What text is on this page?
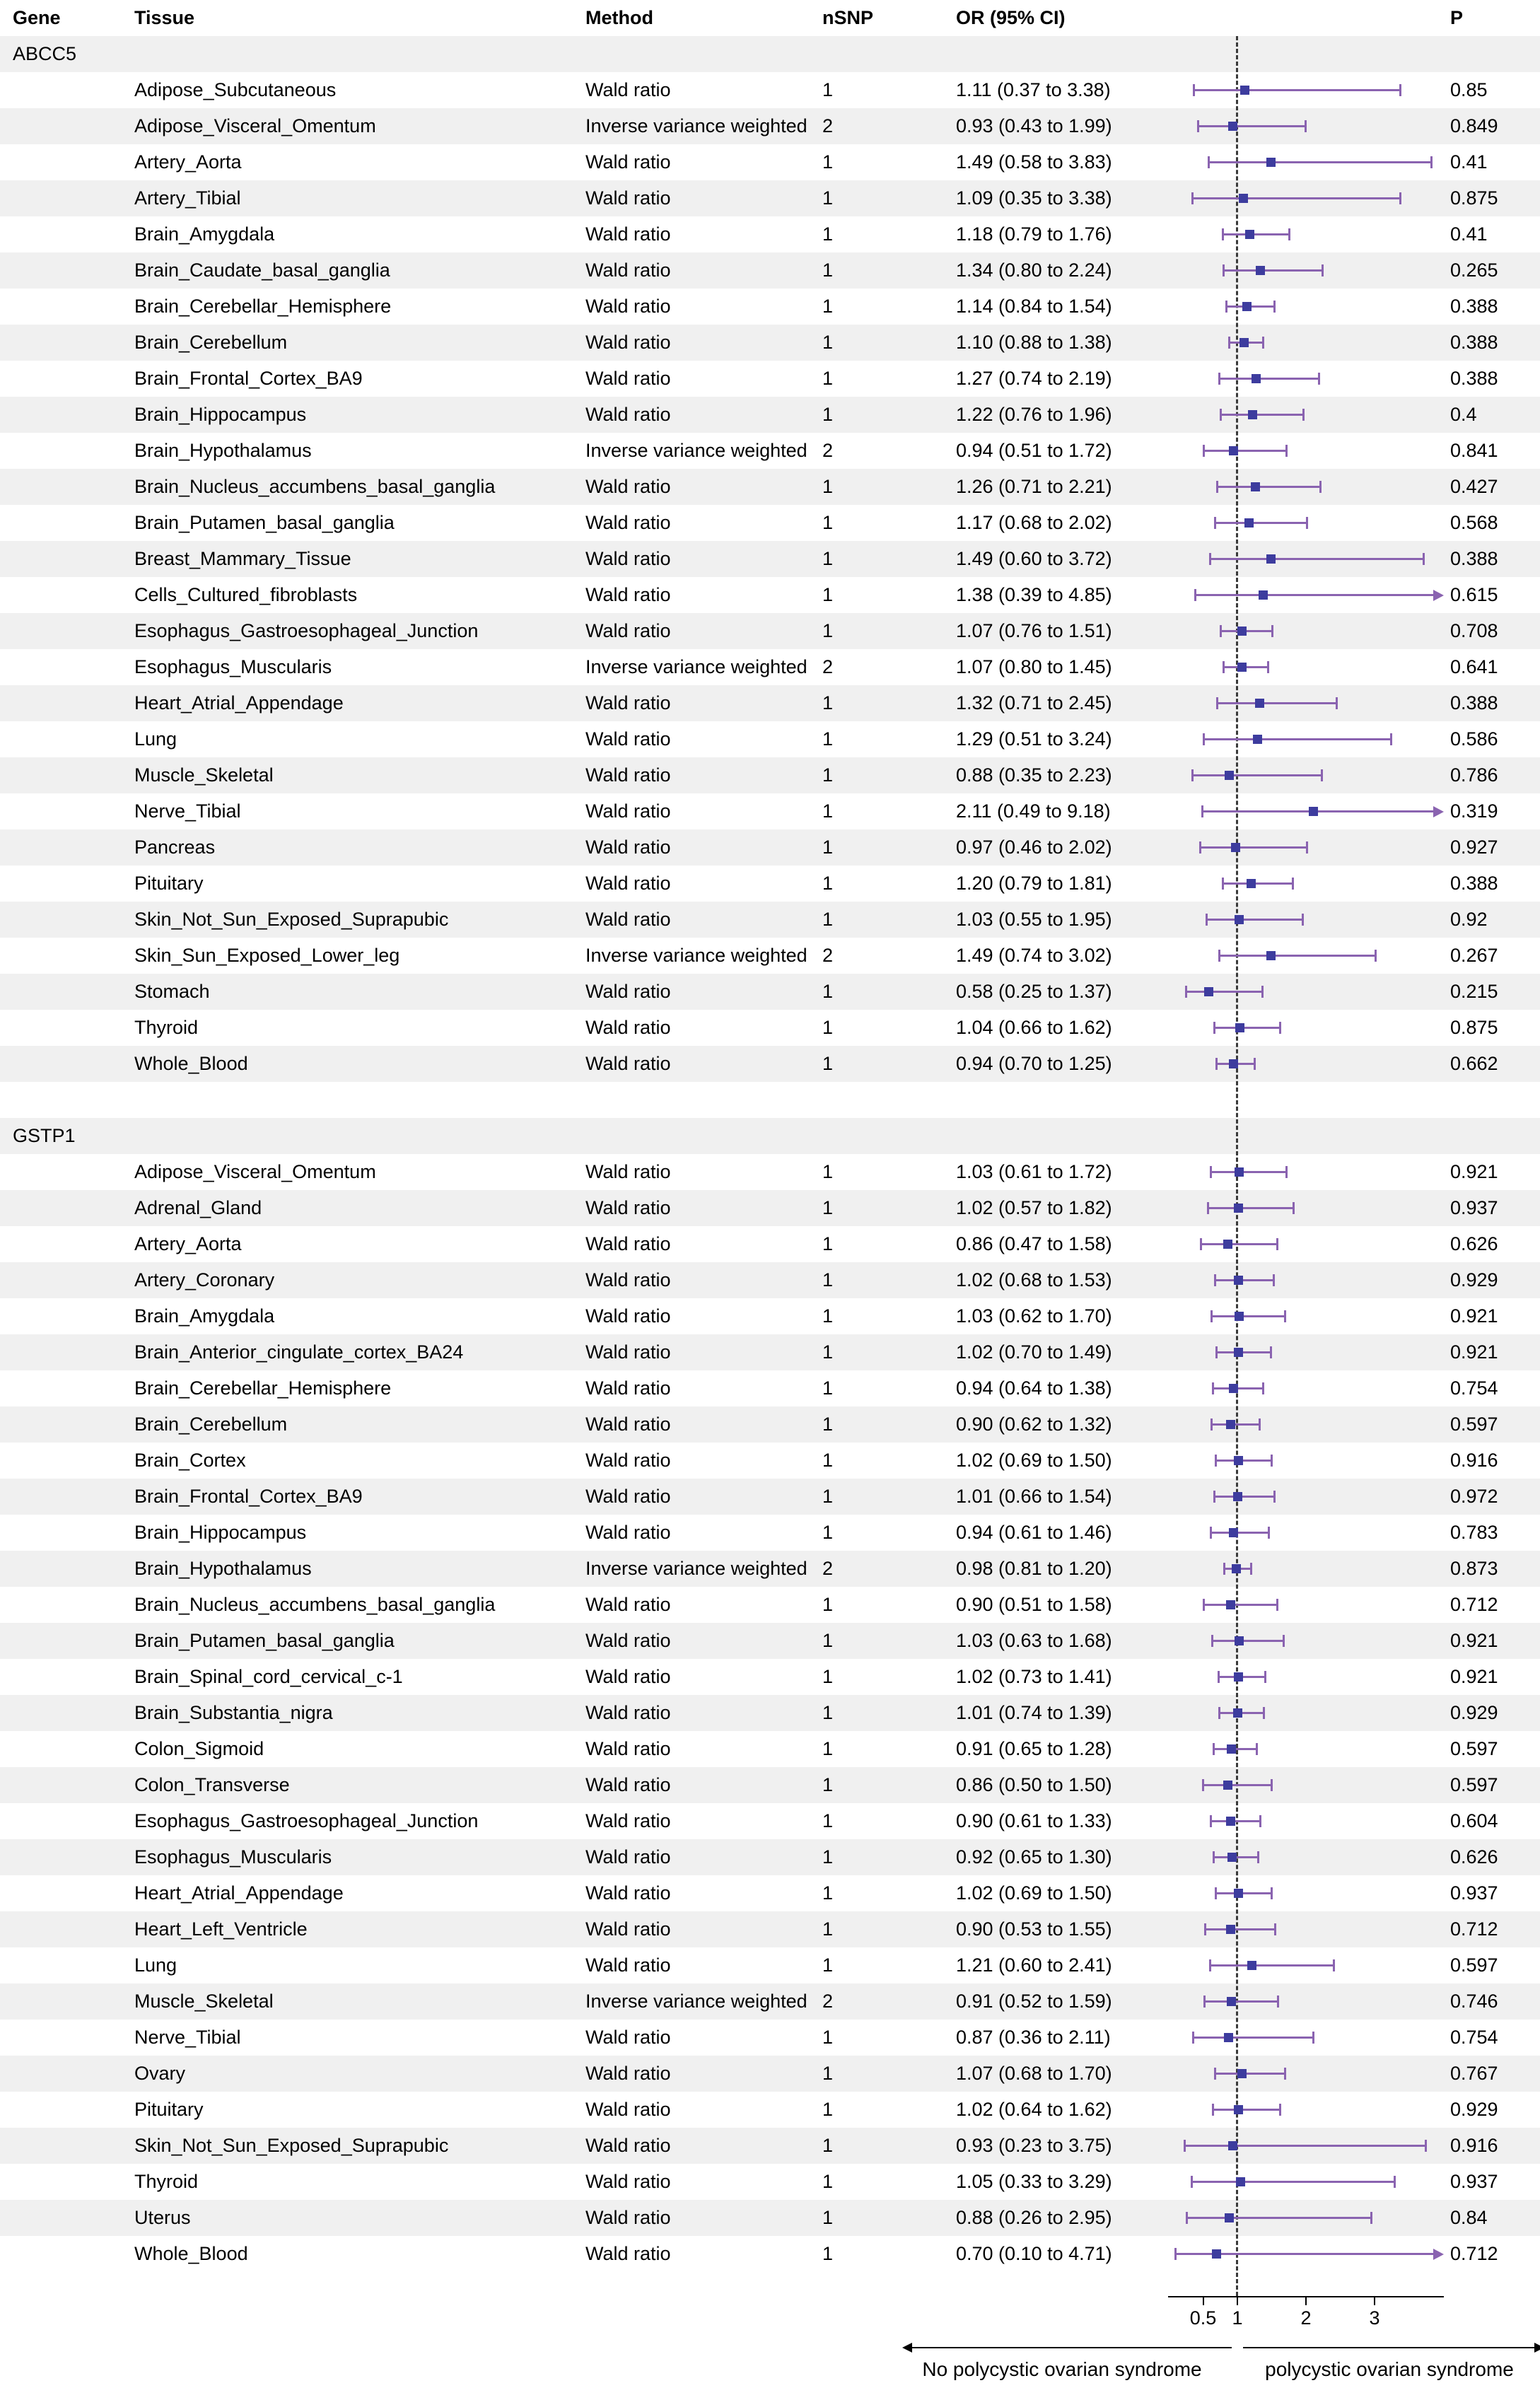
Gene	Tissue	Method	nSNP	OR (95% CI)	P
ABCC5
Adipose_Subcutaneous	Wald ratio	1	1.11 (0.37 to 3.38)	0.85
Adipose_Visceral_Omentum	Inverse variance weighted 2	0.93 (0.43 to 1.99)	0.849
Artery_Aorta	Wald ratio	1	1.49 (0.58 to 3.83)	0.41
Artery_Tibial	Wald ratio	1	1.09 (0.35 to 3.38)	0.875
Brain_Amygdala	Wald ratio	1	1.18 (0.79 to 1.76)	0.41
Brain_Caudate_basal_ganglia	Wald ratio	1	1.34 (0.80 to 2.24)	0.265
Brain_Cerebellar_Hemisphere	Wald ratio	1	1.14 (0.84 to 1.54)	0.388
Brain_Cerebellum	Wald ratio	1	1.10 (0.88 to 1.38)	0.388
Brain_Frontal_Cortex_BA9	Wald ratio	1	1.27 (0.74 to 2.19)	0.388
Brain_Hippocampus	Wald ratio	1	1.22 (0.76 to 1.96)	0.4
Brain_Hypothalamus	Inverse variance weighted 2	0.94 (0.51 to 1.72)	0.841
Brain_Nucleus_accumbens_basal_ganglia	Wald ratio	1	1.26 (0.71 to 2.21)	0.427
Brain_Putamen_basal_ganglia	Wald ratio	1	1.17 (0.68 to 2.02)	0.568
Breast_Mammary_Tissue	Wald ratio	1	1.49 (0.60 to 3.72)	0.388
Cells_Cultured_fibroblasts	Wald ratio	1	1.38 (0.39 to 4.85)	0.615
Esophagus_Gastroesophageal_Junction	Wald ratio	1	1.07 (0.76 to 1.51)	0.708
Esophagus_Muscularis	Inverse variance weighted 2	1.07 (0.80 to 1.45)	0.641
Heart_Atrial_Appendage	Wald ratio	1	1.32 (0.71 to 2.45)	0.388
Lung	Wald ratio	1	1.29 (0.51 to 3.24)	0.586
Muscle_Skeletal	Wald ratio	1	0.88 (0.35 to 2.23)	0.786
Nerve_Tibial	Wald ratio	1	2.11 (0.49 to 9.18)	0.319
Pancreas	Wald ratio	1	0.97 (0.46 to 2.02)	0.927
Pituitary	Wald ratio	1	1.20 (0.79 to 1.81)	0.388
Skin_Not_Sun_Exposed_Suprapubic	Wald ratio	1	1.03 (0.55 to 1.95)	0.92
Skin_Sun_Exposed_Lower_leg	Inverse variance weighted 2	1.49 (0.74 to 3.02)	0.267
Stomach	Wald ratio	1	0.58 (0.25 to 1.37)	0.215
Thyroid	Wald ratio	1	1.04 (0.66 to 1.62)	0.875
Whole_Blood	Wald ratio	1	0.94 (0.70 to 1.25)	0.662
GSTP1
Adipose_Visceral_Omentum	Wald ratio	1	1.03 (0.61 to 1.72)	0.921
Adrenal_Gland	Wald ratio	1	1.02 (0.57 to 1.82)	0.937
Artery_Aorta	Wald ratio	1	0.86 (0.47 to 1.58)	0.626
Artery_Coronary	Wald ratio	1	1.02 (0.68 to 1.53)	0.929
Brain_Amygdala	Wald ratio	1	1.03 (0.62 to 1.70)	0.921
Brain_Anterior_cingulate_cortex_BA24	Wald ratio	1	1.02 (0.70 to 1.49)	0.921
Brain_Cerebellar_Hemisphere	Wald ratio	1	0.94 (0.64 to 1.38)	0.754
Brain_Cerebellum	Wald ratio	1	0.90 (0.62 to 1.32)	0.597
Brain_Cortex	Wald ratio	1	1.02 (0.69 to 1.50)	0.916
Brain_Frontal_Cortex_BA9	Wald ratio	1	1.01 (0.66 to 1.54)	0.972
Brain_Hippocampus	Wald ratio	1	0.94 (0.61 to 1.46)	0.783
Brain_Hypothalamus	Inverse variance weighted 2	0.98 (0.81 to 1.20)	0.873
Brain_Nucleus_accumbens_basal_ganglia	Wald ratio	1	0.90 (0.51 to 1.58)	0.712
Brain_Putamen_basal_ganglia	Wald ratio	1	1.03 (0.63 to 1.68)	0.921
Brain_Spinal_cord_cervical_c-1	Wald ratio	1	1.02 (0.73 to 1.41)	0.921
Brain_Substantia_nigra	Wald ratio	1	1.01 (0.74 to 1.39)	0.929
Colon_Sigmoid	Wald ratio	1	0.91 (0.65 to 1.28)	0.597
Colon_Transverse	Wald ratio	1	0.86 (0.50 to 1.50)	0.597
Esophagus_Gastroesophageal_Junction	Wald ratio	1	0.90 (0.61 to 1.33)	0.604
Esophagus_Muscularis	Wald ratio	1	0.92 (0.65 to 1.30)	0.626
Heart_Atrial_Appendage	Wald ratio	1	1.02 (0.69 to 1.50)	0.937
Heart_Left_Ventricle	Wald ratio	1	0.90 (0.53 to 1.55)	0.712
Lung	Wald ratio	1	1.21 (0.60 to 2.41)	0.597
Muscle_Skeletal	Inverse variance weighted 2	0.91 (0.52 to 1.59)	0.746
Nerve_Tibial	Wald ratio	1	0.87 (0.36 to 2.11)	0.754
Ovary	Wald ratio	1	1.07 (0.68 to 1.70)	0.767
Pituitary	Wald ratio	1	1.02 (0.64 to 1.62)	0.929
Skin_Not_Sun_Exposed_Suprapubic	Wald ratio	1	0.93 (0.23 to 3.75)	0.916
Thyroid	Wald ratio	1	1.05 (0.33 to 3.29)	0.937
Uterus	Wald ratio	1	0.88 (0.26 to 2.95)	0.84
Whole_Blood	Wald ratio	1	0.70 (0.10 to 4.71)	0.712
0.5 1	2	3
No polycystic ovarian syndrome	polycystic ovarian syndrome
